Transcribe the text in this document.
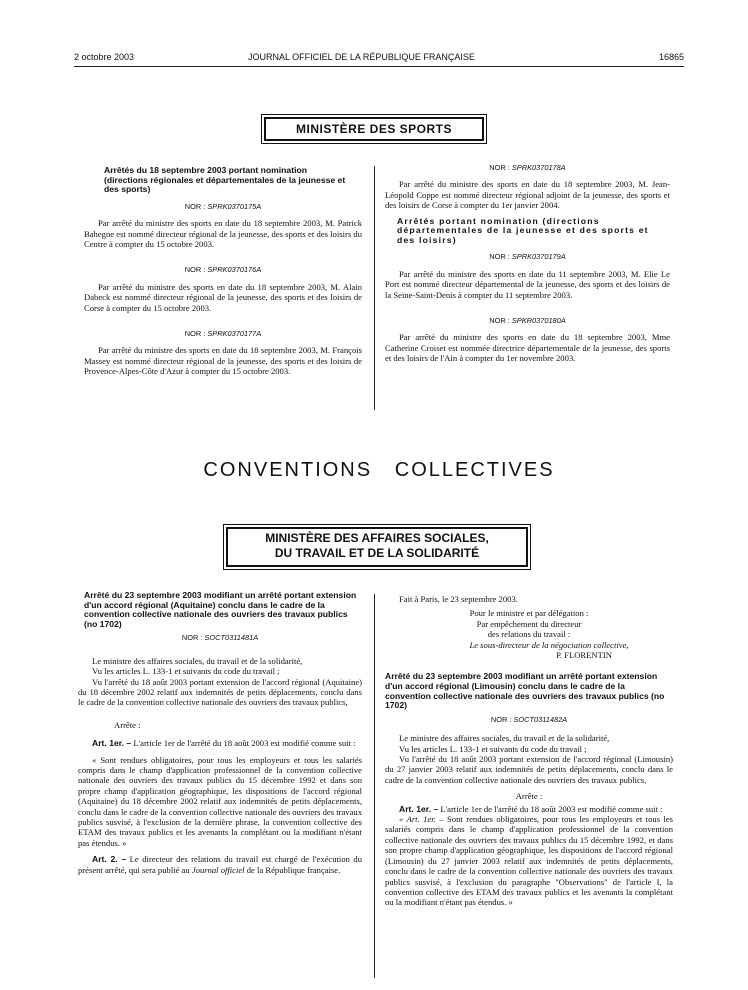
2 octobre 2003	JOURNAL OFFICIEL DE LA RÉPUBLIQUE FRANÇAISE	16865
MINISTÈRE DES SPORTS
Arrêtés du 18 septembre 2003 portant nomination (directions régionales et départementales de la jeunesse et des sports)
NOR : SPRK0370175A

Par arrêté du ministre des sports en date du 18 septembre 2003, M. Patrick Bahegne est nommé directeur régional de la jeunesse, des sports et des loisirs du Centre à compter du 15 octobre 2003.

NOR : SPRK0370176A

Par arrêté du ministre des sports en date du 18 septembre 2003, M. Alain Dabeck est nommé directeur régional de la jeunesse, des sports et des loisirs de Corse à compter du 15 octobre 2003.

NOR : SPRK0370177A

Par arrêté du ministre des sports en date du 18 septembre 2003, M. François Massey est nommé directeur régional de la jeunesse, des sports et des loisirs de Provence-Alpes-Côte d'Azur à compter du 15 octobre 2003.

NOR : SPRK0370178A

Par arrêté du ministre des sports en date du 18 septembre 2003, M. Jean-Léopold Coppe est nommé directeur régional adjoint de la jeunesse, des sports et des loisirs de Corse à compter du 1er janvier 2004.

Arrêtés portant nomination (directions départementales de la jeunesse et des sports et des loisirs)
NOR : SPRK0370179A

Par arrêté du ministre des sports en date du 11 septembre 2003, M. Elie Le Port est nommé directeur départemental de la jeunesse, des sports et des loisirs de la Seine-Saint-Denis à compter du 11 septembre 2003.

NOR : SPKR0370180A

Par arrêté du ministre des sports en date du 18 septembre 2003, Mme Catherine Croiset est nommée directrice départementale de la jeunesse, des sports et des loisirs de l'Ain à compter du 1er novembre 2003.

CONVENTIONS   COLLECTIVES
MINISTÈRE DES AFFAIRES SOCIALES,
DU TRAVAIL ET DE LA SOLIDARITÉ
Arrêté du 23 septembre 2003 modifiant un arrêté portant extension d'un accord régional (Aquitaine) conclu dans le cadre de la convention collective nationale des ouvriers des travaux publics (no 1702)
NOR : SOCT0311481A

Le ministre des affaires sociales, du travail et de la solidarité,

Vu les articles L. 133-1 et suivants du code du travail ;

Vu l'arrêté du 18 août 2003 portant extension de l'accord régional (Aquitaine) du 18 décembre 2002 relatif aux indemnités de petits déplacements, conclu dans le cadre de la convention collective nationale des ouvriers des travaux publics,

Arrête :

Art. 1er. – L'article 1er de l'arrêté du 18 août 2003 est modifié comme suit :

« Sont rendues obligatoires, pour tous les employeurs et tous les salariés compris dans le champ d'application professionnel de la convention collective nationale des ouvriers des travaux publics du 15 décembre 1992 et dans son propre champ d'application géographique, les dispositions de l'accord régional (Aquitaine) du 18 décembre 2002 relatif aux indemnités de petits déplacements, conclu dans le cadre de la convention collective nationale des ouvriers des travaux publics susvisé, à l'exclusion de la dernière phrase, la convention collective des ETAM des travaux publics et les avenants la complétant ou la modifiant n'étant pas étendus. »

Art. 2. – Le directeur des relations du travail est chargé de l'exécution du présent arrêté, qui sera publié au Journal officiel de la République française.

Fait à Paris, le 23 septembre 2003.

Pour le ministre et par délégation :

Par empêchement du directeur

des relations du travail :

Le sous-directeur de la négociation collective,

P. FLORENTIN

Arrêté du 23 septembre 2003 modifiant un arrêté portant extension d'un accord régional (Limousin) conclu dans le cadre de la convention collective nationale des ouvriers des travaux publics (no 1702)
NOR : SOCT0311482A

Le ministre des affaires sociales, du travail et de la solidarité,

Vu les articles L. 133-1 et suivants du code du travail ;

Vu l'arrêté du 18 août 2003 portant extension de l'accord régional (Limousin) du 27 janvier 2003 relatif aux indemnités de petits déplacements, conclu dans le cadre de la convention collective nationale des ouvriers des travaux publics,

Arrête :

Art. 1er. – L'article 1er de l'arrêté du 18 août 2003 est modifié comme suit :

« Art. 1er. – Sont rendues obligatoires, pour tous les employeurs et tous les salariés compris dans le champ d'application professionnel de la convention collective nationale des ouvriers des travaux publics du 15 décembre 1992, et dans son propre champ d'application géographique, les dispositions de l'accord régional (Limousin) du 27 janvier 2003 relatif aux indemnités de petits déplacements, conclu dans le cadre de la convention collective nationale des ouvriers des travaux publics susvisé, à l'exclusion du paragraphe "Observations" de l'article I, la convention collective des ETAM des travaux publics et les avenants la complétant ou la modifiant n'étant pas étendus. »
